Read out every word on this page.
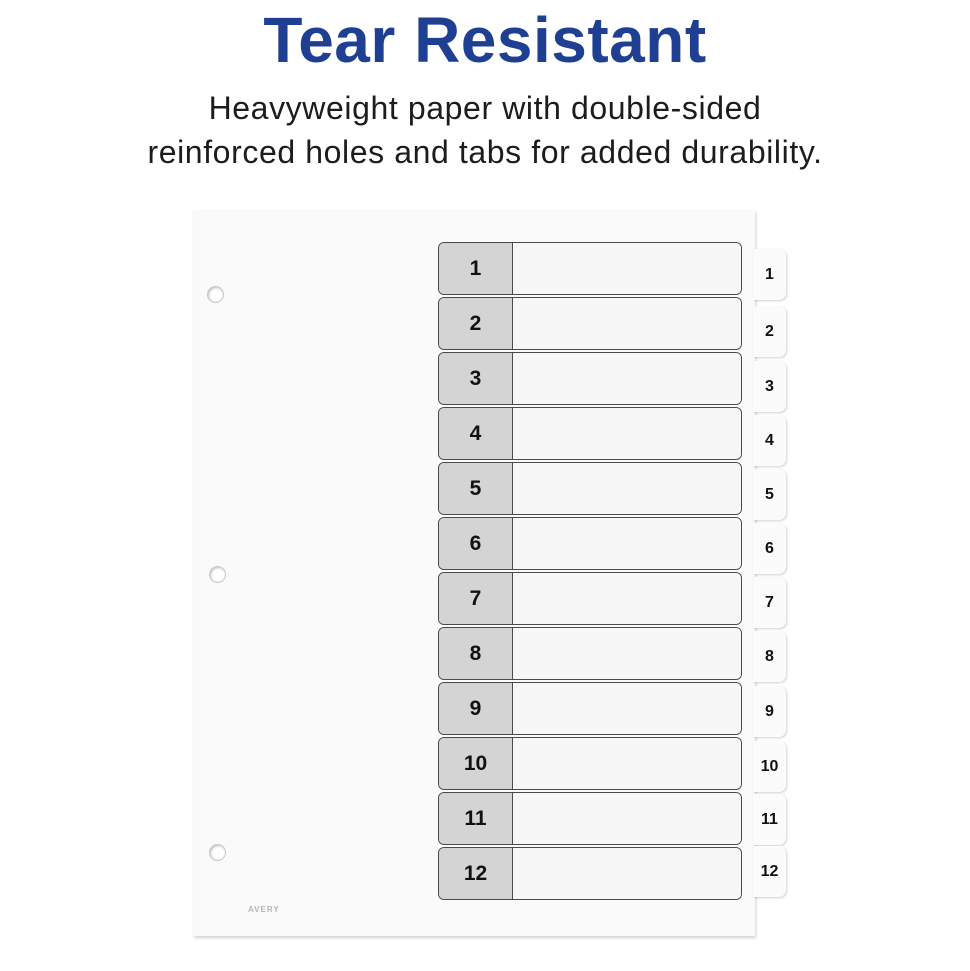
Tear Resistant
Heavyweight paper with double-sided
reinforced holes and tabs for added durability.
AVERY
1
2
3
4
5
6
7
8
9
10
11
12
1
2
3
4
5
6
7
8
9
10
11
12
